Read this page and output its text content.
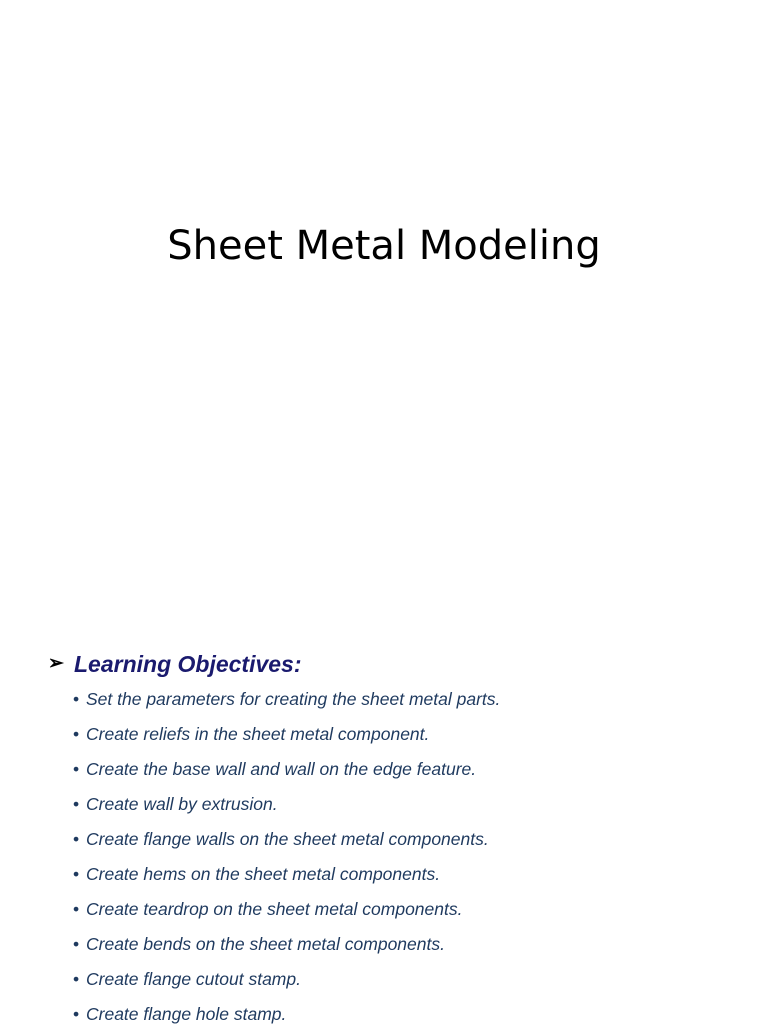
Sheet Metal Modeling
➢ Learning Objectives:
• Set the parameters for creating the sheet metal parts.
• Create reliefs in the sheet metal component.
• Create the base wall and wall on the edge feature.
• Create wall by extrusion.
• Create flange walls on the sheet metal components.
• Create hems on the sheet metal components.
• Create teardrop on the sheet metal components.
• Create bends on the sheet metal components.
• Create flange cutout stamp.
• Create flange hole stamp.
